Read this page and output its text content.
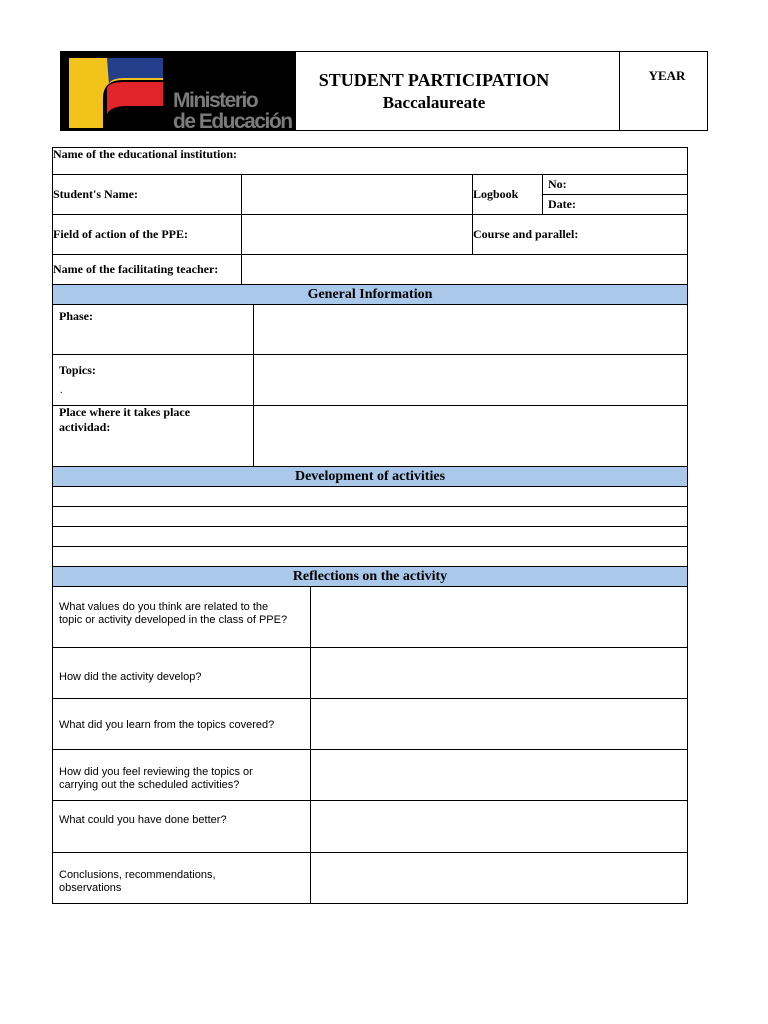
Ministerio
de Educación
STUDENT PARTICIPATION
Baccalaureate
YEAR
Name of the educational institution:
Student's Name:	Logbook
No:
Date:
Field of action of the PPE:	Course and parallel:
Name of the facilitating teacher:
General Information
Phase:
Topics:
.
Place where it takes place
actividad:
Development of activities
Reflections on the activity
What values do you think are related to the topic or activity developed in the class of PPE?
How did the activity develop?
What did you learn from the topics covered?
How did you feel reviewing the topics or carrying out the scheduled activities?
What could you have done better?
Conclusions, recommendations, observations
